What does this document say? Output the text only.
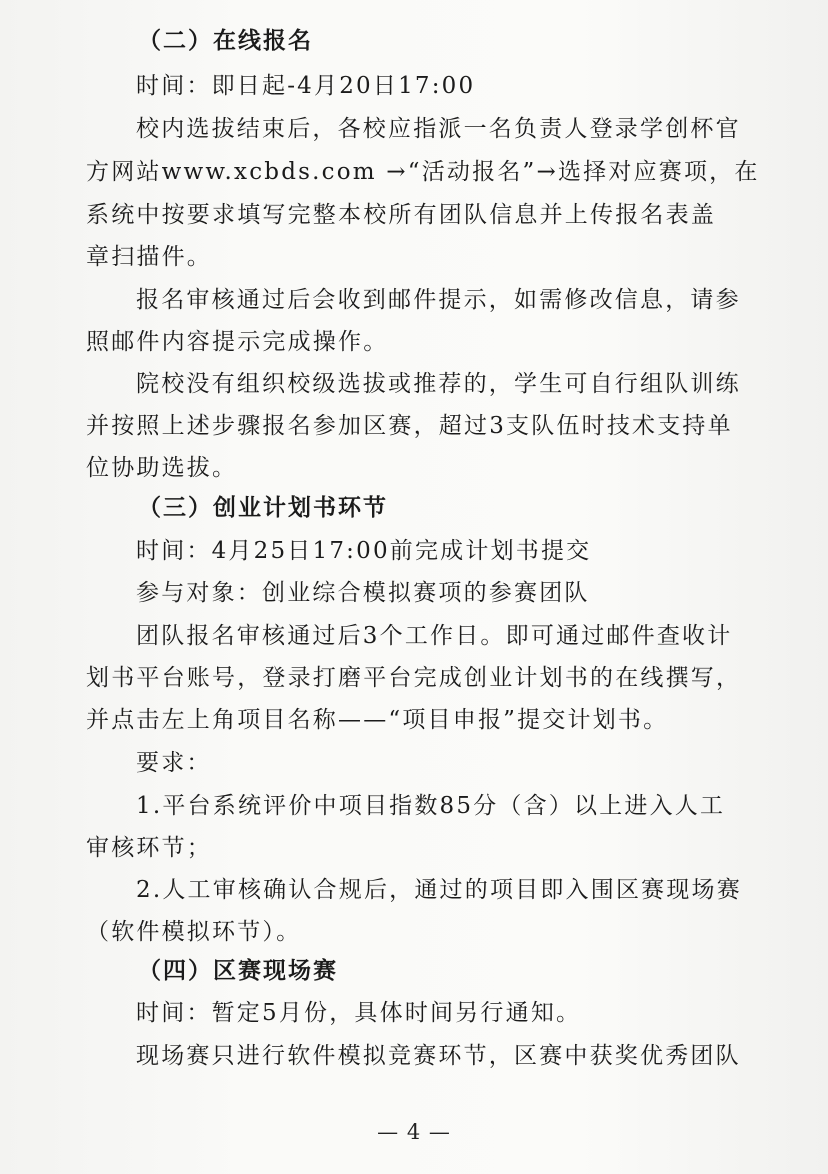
（二）在线报名
时间：即日起-4月20日17:00
校内选拔结束后，各校应指派一名负责人登录学创杯官
方网站www.xcbds.com →“活动报名”→选择对应赛项，在
系统中按要求填写完整本校所有团队信息并上传报名表盖
章扫描件。
报名审核通过后会收到邮件提示，如需修改信息，请参
照邮件内容提示完成操作。
院校没有组织校级选拔或推荐的，学生可自行组队训练
并按照上述步骤报名参加区赛，超过3支队伍时技术支持单
位协助选拔。
（三）创业计划书环节
时间：4月25日17:00前完成计划书提交
参与对象：创业综合模拟赛项的参赛团队
团队报名审核通过后3个工作日。即可通过邮件查收计
划书平台账号，登录打磨平台完成创业计划书的在线撰写，
并点击左上角项目名称——“项目申报”提交计划书。
要求：
1.平台系统评价中项目指数85分（含）以上进入人工
审核环节；
2.人工审核确认合规后，通过的项目即入围区赛现场赛
（软件模拟环节）。
（四）区赛现场赛
时间：暂定5月份，具体时间另行通知。
现场赛只进行软件模拟竞赛环节，区赛中获奖优秀团队
— 4 —
